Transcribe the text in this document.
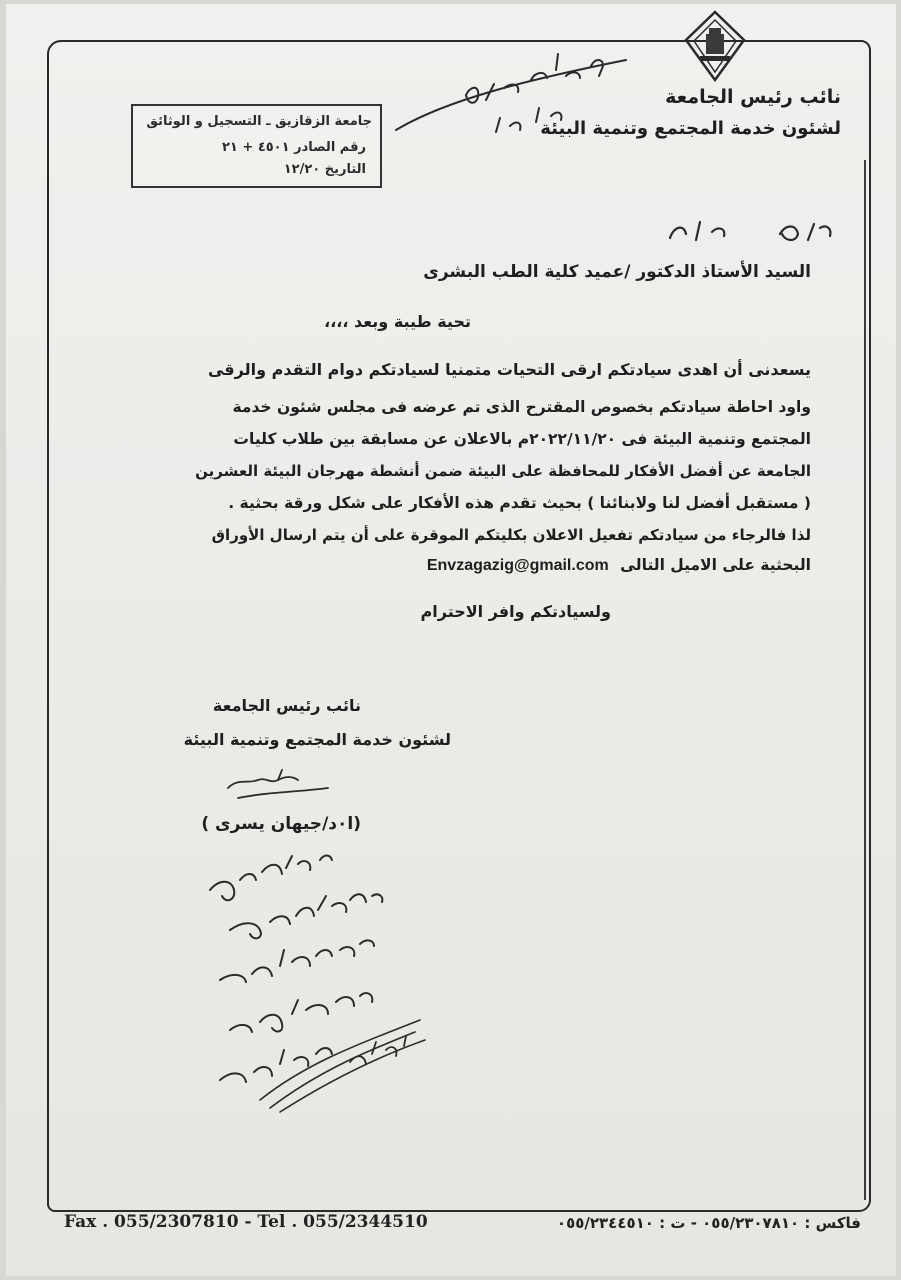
نائب رئيس الجامعة
لشئون خدمة المجتمع وتنمية البيئة
جامعة الزقازيق ـ التسجيل و الوثائق
رقم الصادر ٤٥٠١ + ٢١
التاريخ ١٢/٢٠
السيد الأستاذ الدكتور /عميد كلية الطب البشرى
تحية طيبة وبعد ،،،،
يسعدنى أن اهدى سيادتكم ارقى التحيات متمنيا لسيادتكم دوام التقدم والرقى
واود احاطة سيادتكم بخصوص المقترح الذى تم عرضه فى مجلس شئون خدمة
المجتمع وتنمية البيئة فى ٢٠٢٢/١١/٢٠م بالاعلان عن مسابقة بين طلاب كليات
الجامعة عن أفضل الأفكار للمحافظة على البيئة ضمن أنشطة مهرجان البيئة العشرين
( مستقبل أفضل لنا ولابنائنا ) بحيث تقدم هذه الأفكار على شكل ورقة بحثية .
لذا فالرجاء من سيادتكم تفعيل الاعلان بكليتكم الموقرة على أن يتم ارسال الأوراق
البحثية على الاميل التالى Envzagazig@gmail.com
ولسيادتكم وافر الاحترام
نائب رئيس الجامعة
لشئون خدمة المجتمع وتنمية البيئة
(ا٠د/جيهان يسرى )
Fax . 055/2307810 - Tel . 055/2344510	فاكس : ٠٥٥/٢٣٠٧٨١٠ - ت : ٠٥٥/٢٣٤٤٥١٠
